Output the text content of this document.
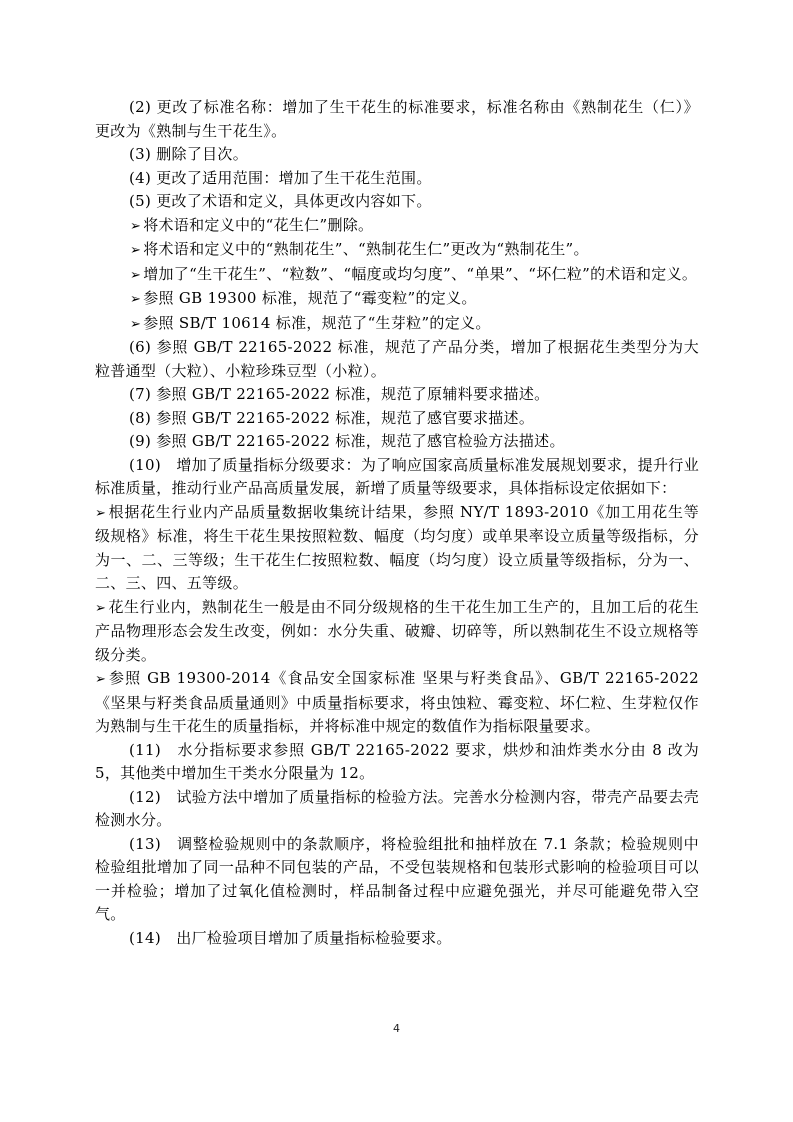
(2) 更改了标准名称：增加了生干花生的标准要求，标准名称由《熟制花生（仁）》更改为《熟制与生干花生》。

(3) 删除了目次。

(4) 更改了适用范围：增加了生干花生范围。

(5) 更改了术语和定义，具体更改内容如下。

➢ 将术语和定义中的“花生仁”删除。

➢ 将术语和定义中的“熟制花生”、“熟制花生仁”更改为“熟制花生”。

➢ 增加了“生干花生”、“粒数”、“幅度或均匀度”、“单果”、“坏仁粒”的术语和定义。

➢ 参照 GB 19300 标准，规范了“霉变粒”的定义。

➢ 参照 SB/T 10614 标准，规范了“生芽粒”的定义。

(6) 参照 GB/T 22165-2022 标准，规范了产品分类，增加了根据花生类型分为大粒普通型（大粒）、小粒珍珠豆型（小粒）。

(7) 参照 GB/T 22165-2022 标准，规范了原辅料要求描述。

(8) 参照 GB/T 22165-2022 标准，规范了感官要求描述。

(9) 参照 GB/T 22165-2022 标准，规范了感官检验方法描述。

(10)　增加了质量指标分级要求：为了响应国家高质量标准发展规划要求，提升行业标准质量，推动行业产品高质量发展，新增了质量等级要求，具体指标设定依据如下：

➢ 根据花生行业内产品质量数据收集统计结果，参照 NY/T 1893-2010《加工用花生等级规格》标准，将生干花生果按照粒数、幅度（均匀度）或单果率设立质量等级指标，分为一、二、三等级；生干花生仁按照粒数、幅度（均匀度）设立质量等级指标，分为一、二、三、四、五等级。

➢ 花生行业内，熟制花生一般是由不同分级规格的生干花生加工生产的，且加工后的花生产品物理形态会发生改变，例如：水分失重、破瓣、切碎等，所以熟制花生不设立规格等级分类。

➢ 参照 GB 19300-2014《食品安全国家标准 坚果与籽类食品》、GB/T 22165-2022《坚果与籽类食品质量通则》中质量指标要求，将虫蚀粒、霉变粒、坏仁粒、生芽粒仅作为熟制与生干花生的质量指标，并将标准中规定的数值作为指标限量要求。

(11)　水分指标要求参照 GB/T 22165-2022 要求，烘炒和油炸类水分由 8 改为 5，其他类中增加生干类水分限量为 12。

(12)　试验方法中增加了质量指标的检验方法。完善水分检测内容，带壳产品要去壳检测水分。

(13)　调整检验规则中的条款顺序，将检验组批和抽样放在 7.1 条款；检验规则中检验组批增加了同一品种不同包装的产品，不受包装规格和包装形式影响的检验项目可以一并检验；增加了过氧化值检测时，样品制备过程中应避免强光，并尽可能避免带入空气。

(14)　出厂检验项目增加了质量指标检验要求。

4
